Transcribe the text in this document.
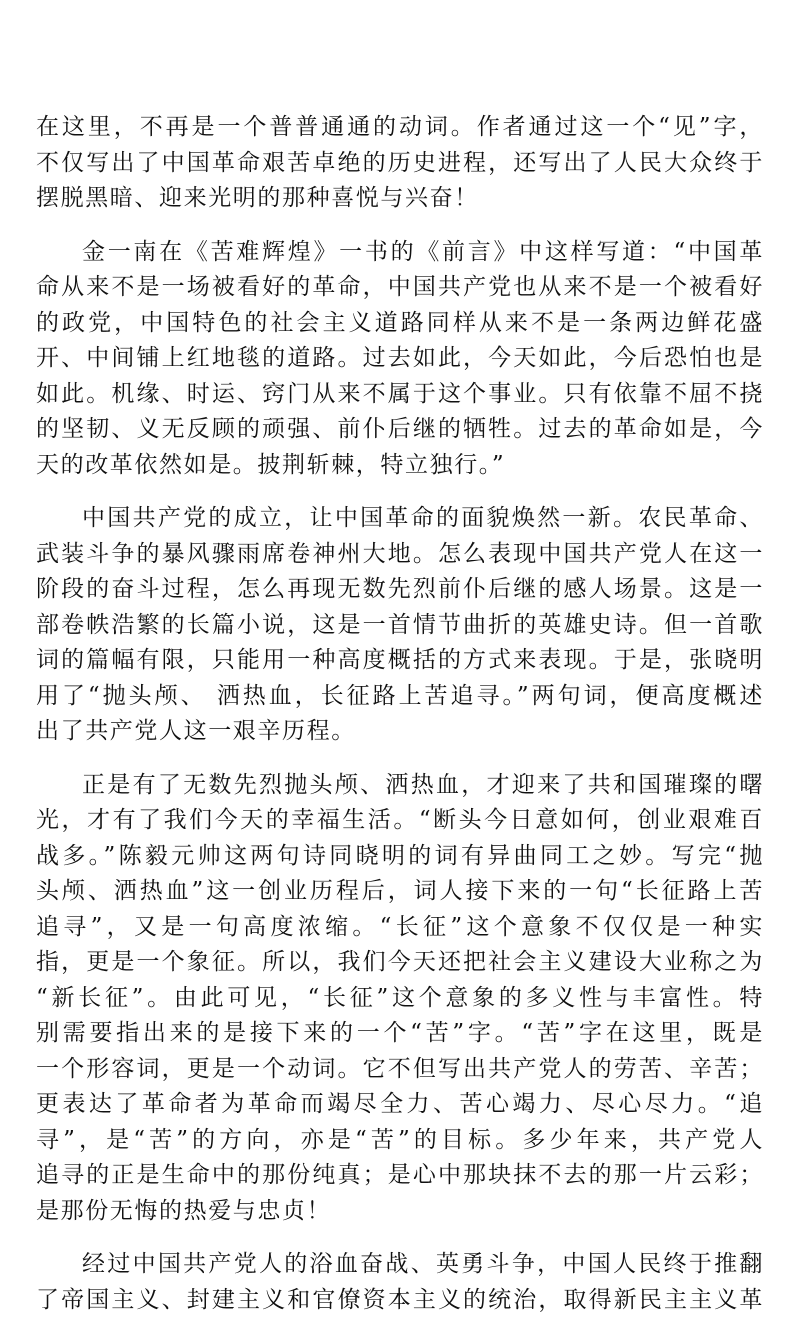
在这里，不再是一个普普通通的动词。作者通过这一个“见”字，
不仅写出了中国革命艰苦卓绝的历史进程，还写出了人民大众终于
摆脱黑暗、迎来光明的那种喜悦与兴奋！

金一南在《苦难辉煌》一书的《前言》中这样写道：“中国革
命从来不是一场被看好的革命，中国共产党也从来不是一个被看好
的政党，中国特色的社会主义道路同样从来不是一条两边鲜花盛
开、中间铺上红地毯的道路。过去如此，今天如此，今后恐怕也是
如此。机缘、时运、窍门从来不属于这个事业。只有依靠不屈不挠
的坚韧、义无反顾的顽强、前仆后继的牺牲。过去的革命如是，今
天的改革依然如是。披荆斩棘，特立独行。”

中国共产党的成立，让中国革命的面貌焕然一新。农民革命、
武装斗争的暴风骤雨席卷神州大地。怎么表现中国共产党人在这一
阶段的奋斗过程，怎么再现无数先烈前仆后继的感人场景。这是一
部卷帙浩繁的长篇小说，这是一首情节曲折的英雄史诗。但一首歌
词的篇幅有限，只能用一种高度概括的方式来表现。于是，张晓明
用了“抛头颅、 洒热血，长征路上苦追寻。”两句词，便高度概述
出了共产党人这一艰辛历程。

正是有了无数先烈抛头颅、洒热血，才迎来了共和国璀璨的曙
光，才有了我们今天的幸福生活。“断头今日意如何，创业艰难百
战多。”陈毅元帅这两句诗同晓明的词有异曲同工之妙。写完“抛
头颅、洒热血”这一创业历程后，词人接下来的一句“长征路上苦
追寻”，又是一句高度浓缩。“长征”这个意象不仅仅是一种实
指，更是一个象征。所以，我们今天还把社会主义建设大业称之为
“新长征”。由此可见，“长征”这个意象的多义性与丰富性。特
别需要指出来的是接下来的一个“苦”字。“苦”字在这里，既是
一个形容词，更是一个动词。它不但写出共产党人的劳苦、辛苦；
更表达了革命者为革命而竭尽全力、苦心竭力、尽心尽力。“追
寻”，是“苦”的方向，亦是“苦”的目标。多少年来，共产党人
追寻的正是生命中的那份纯真；是心中那块抹不去的那一片云彩；
是那份无悔的热爱与忠贞！

经过中国共产党人的浴血奋战、英勇斗争，中国人民终于推翻
了帝国主义、封建主义和官僚资本主义的统治，取得新民主主义革
